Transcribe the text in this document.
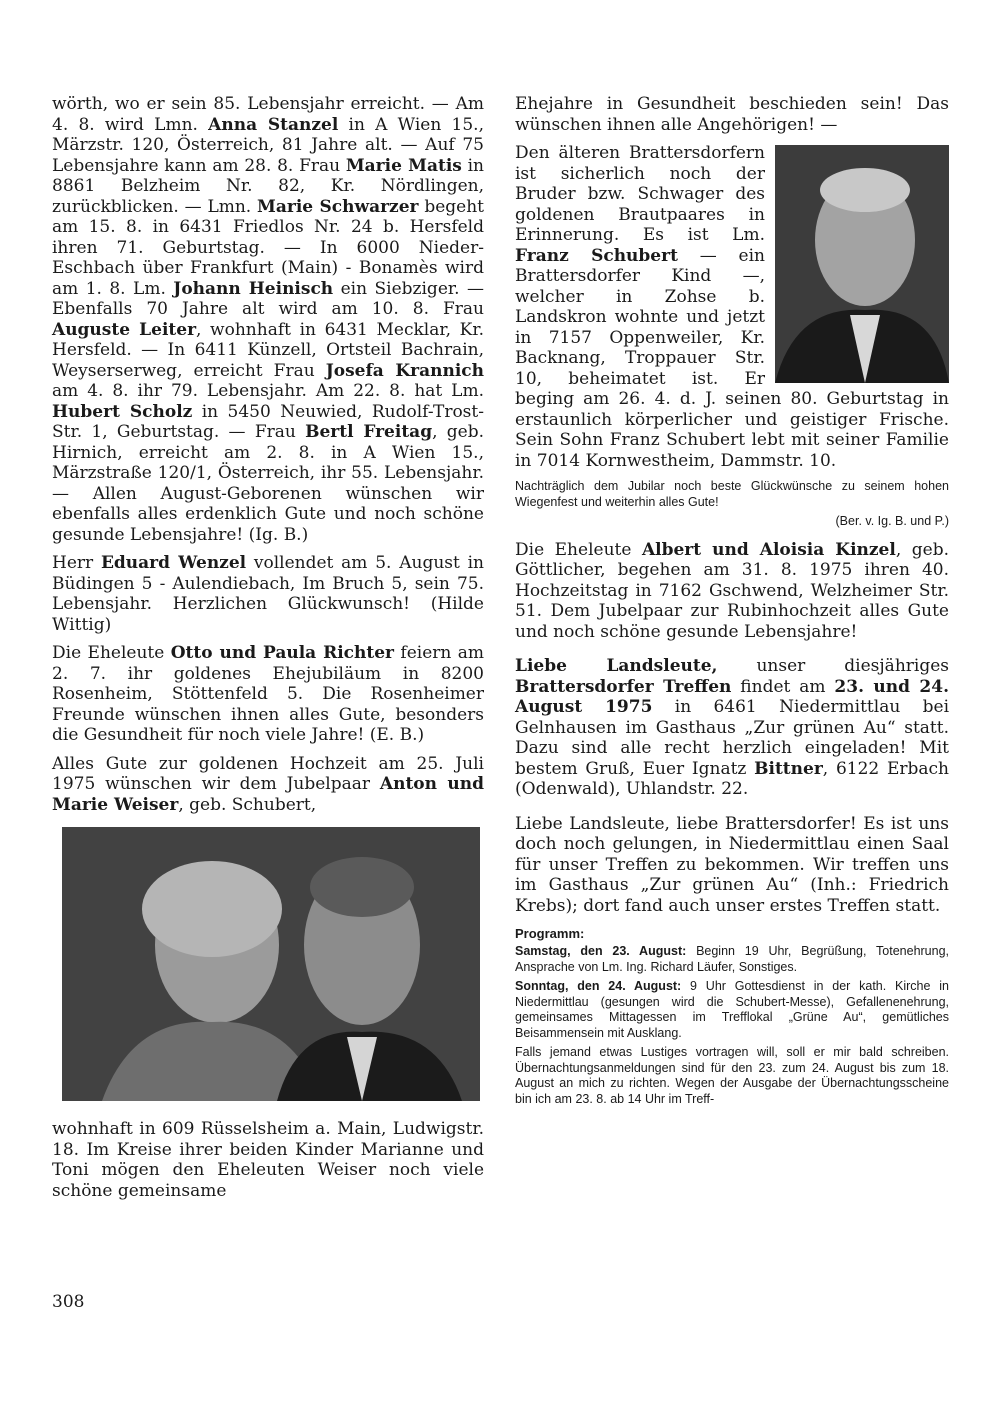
wörth, wo er sein 85. Lebensjahr erreicht. — Am 4. 8. wird Lmn. Anna Stanzel in A Wien 15., Märzstr. 120, Österreich, 81 Jahre alt. — Auf 75 Lebensjahre kann am 28. 8. Frau Marie Matis in 8861 Belzheim Nr. 82, Kr. Nördlingen, zurückblicken. — Lmn. Marie Schwarzer begeht am 15. 8. in 6431 Friedlos Nr. 24 b. Hersfeld ihren 71. Geburtstag. — In 6000 Nieder-Eschbach über Frankfurt (Main) - Bonamès wird am 1. 8. Lm. Johann Heinisch ein Siebziger. — Ebenfalls 70 Jahre alt wird am 10. 8. Frau Auguste Leiter, wohnhaft in 6431 Mecklar, Kr. Hersfeld. — In 6411 Künzell, Ortsteil Bachrain, Weyserserweg, erreicht Frau Josefa Krannich am 4. 8. ihr 79. Lebensjahr. Am 22. 8. hat Lm. Hubert Scholz in 5450 Neuwied, Rudolf-Trost-Str. 1, Geburtstag. — Frau Bertl Freitag, geb. Hirnich, erreicht am 2. 8. in A Wien 15., Märzstraße 120/1, Österreich, ihr 55. Lebensjahr. — Allen August-Geborenen wünschen wir ebenfalls alles erdenklich Gute und noch schöne gesunde Lebensjahre! (Ig. B.)

Herr Eduard Wenzel vollendet am 5. August in Büdingen 5 - Aulendiebach, Im Bruch 5, sein 75. Lebensjahr. Herzlichen Glückwunsch! (Hilde Wittig)

Die Eheleute Otto und Paula Richter feiern am 2. 7. ihr goldenes Ehejubiläum in 8200 Rosenheim, Stöttenfeld 5. Die Rosenheimer Freunde wünschen ihnen alles Gute, besonders die Gesundheit für noch viele Jahre! (E. B.)

Alles Gute zur goldenen Hochzeit am 25. Juli 1975 wünschen wir dem Jubelpaar Anton und Marie Weiser, geb. Schubert,

wohnhaft in 609 Rüsselsheim a. Main, Ludwigstr. 18. Im Kreise ihrer beiden Kinder Marianne und Toni mögen den Eheleuten Weiser noch viele schöne gemeinsame

Ehejahre in Gesundheit beschieden sein! Das wünschen ihnen alle Angehörigen! —

Den älteren Brattersdorfern ist sicherlich noch der Bruder bzw. Schwager des goldenen Brautpaares in Erinnerung. Es ist Lm. Franz Schubert — ein Brattersdorfer Kind —, welcher in Zohse b. Landskron wohnte und jetzt in 7157 Oppenweiler, Kr. Backnang, Troppauer Str. 10, beheimatet ist. Er beging am 26. 4. d. J. seinen 80. Geburtstag in erstaunlich körperlicher und geistiger Frische. Sein Sohn Franz Schubert lebt mit seiner Familie in 7014 Kornwestheim, Dammstr. 10.

Nachträglich dem Jubilar noch beste Glückwünsche zu seinem hohen Wiegenfest und weiterhin alles Gute!

(Ber. v. Ig. B. und P.)

Die Eheleute Albert und Aloisia Kinzel, geb. Göttlicher, begehen am 31. 8. 1975 ihren 40. Hochzeitstag in 7162 Gschwend, Welzheimer Str. 51. Dem Jubelpaar zur Rubinhochzeit alles Gute und noch schöne gesunde Lebensjahre!

Liebe Landsleute, unser diesjähriges Brattersdorfer Treffen findet am 23. und 24. August 1975 in 6461 Niedermittlau bei Gelnhausen im Gasthaus „Zur grünen Au“ statt. Dazu sind alle recht herzlich eingeladen! Mit bestem Gruß, Euer Ignatz Bittner, 6122 Erbach (Odenwald), Uhlandstr. 22.

Liebe Landsleute, liebe Brattersdorfer! Es ist uns doch noch gelungen, in Niedermittlau einen Saal für unser Treffen zu bekommen. Wir treffen uns im Gasthaus „Zur grünen Au“ (Inh.: Friedrich Krebs); dort fand auch unser erstes Treffen statt.

Programm:

Samstag, den 23. August: Beginn 19 Uhr, Begrüßung, Totenehrung, Ansprache von Lm. Ing. Richard Läufer, Sonstiges.

Sonntag, den 24. August: 9 Uhr Gottesdienst in der kath. Kirche in Niedermittlau (gesungen wird die Schubert-Messe), Gefallenenehrung, gemeinsames Mittagessen im Trefflokal „Grüne Au“, gemütliches Beisammensein mit Ausklang.

Falls jemand etwas Lustiges vortragen will, soll er mir bald schreiben. Übernachtungsanmeldungen sind für den 23. zum 24. August bis zum 18. August an mich zu richten. Wegen der Ausgabe der Übernachtungsscheine bin ich am 23. 8. ab 14 Uhr im Treff-

308
